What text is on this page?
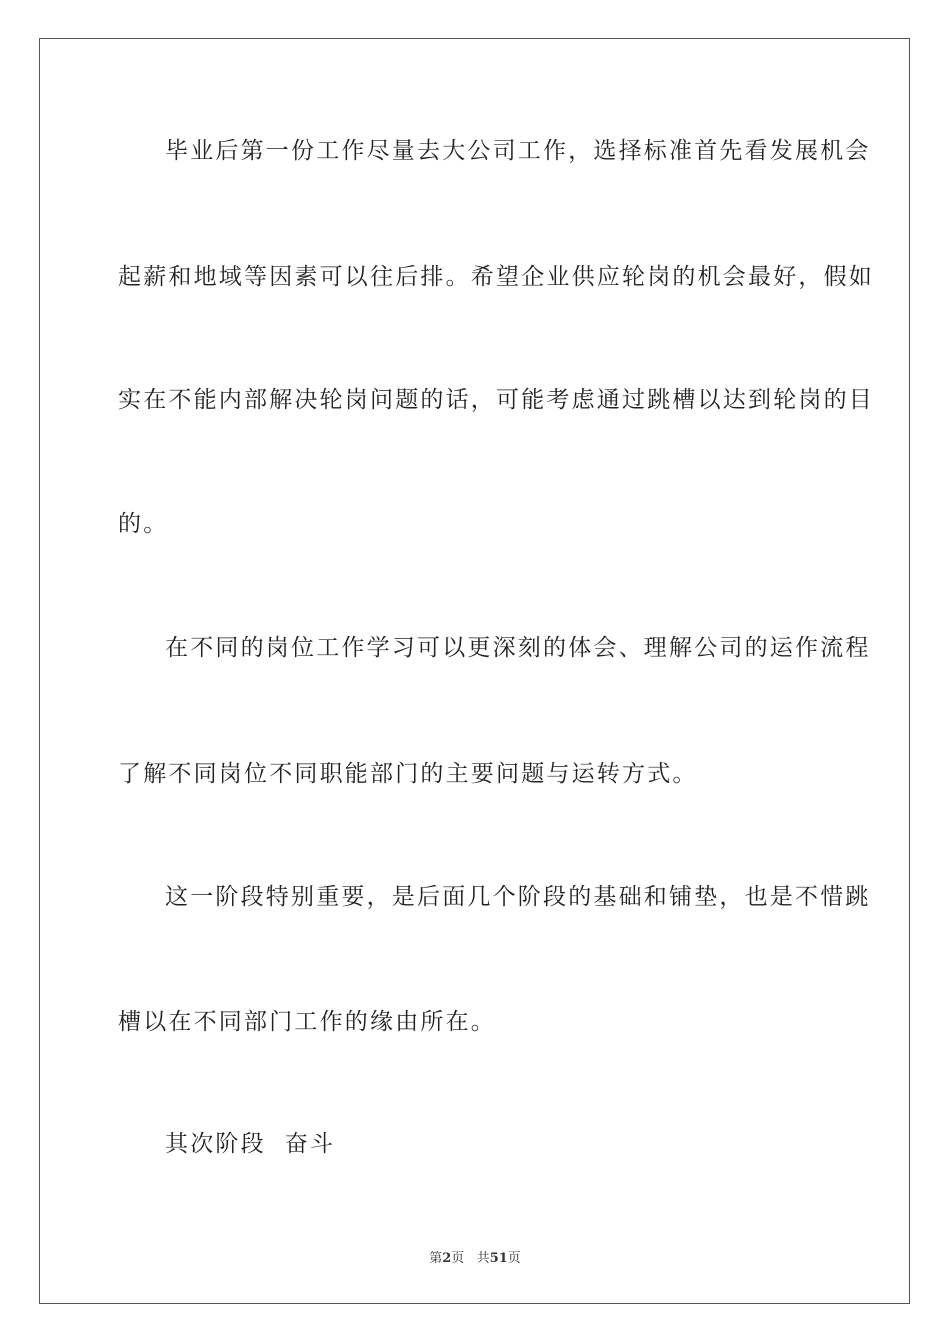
毕业后第一份工作尽量去大公司工作，选择标准首先看发展机会
起薪和地域等因素可以往后排。希望企业供应轮岗的机会最好，假如
实在不能内部解决轮岗问题的话，可能考虑通过跳槽以达到轮岗的目
的。
在不同的岗位工作学习可以更深刻的体会、理解公司的运作流程
了解不同岗位不同职能部门的主要问题与运转方式。
这一阶段特别重要，是后面几个阶段的基础和铺垫，也是不惜跳
槽以在不同部门工作的缘由所在。
其次阶段  奋斗
第2页 共51页
